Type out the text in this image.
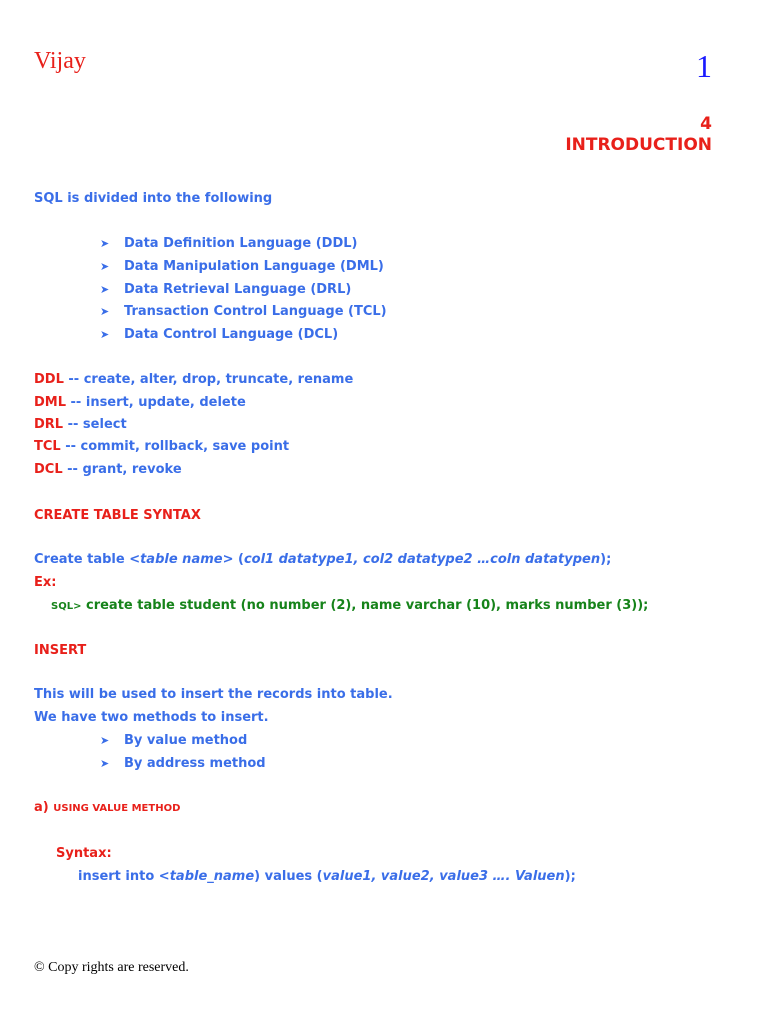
Vijay	1
4
INTRODUCTION
SQL is divided into the following
➤ Data Definition Language (DDL)
➤ Data Manipulation Language (DML)
➤ Data Retrieval Language (DRL)
➤ Transaction Control Language (TCL)
➤ Data Control Language (DCL)
DDL -- create, alter, drop, truncate, rename
DML -- insert, update, delete
DRL -- select
TCL -- commit, rollback, save point
DCL -- grant, revoke
CREATE TABLE SYNTAX
Create table <table name> (col1 datatype1, col2 datatype2 …coln datatypen);
Ex:
SQL> create table student (no number (2), name varchar (10), marks number (3));
INSERT
This will be used to insert the records into table.
We have two methods to insert.
➤ By value method
➤ By address method
a) USING VALUE METHOD
Syntax:
insert into <table_name) values (value1, value2, value3 …. Valuen);
© Copy rights are reserved.
